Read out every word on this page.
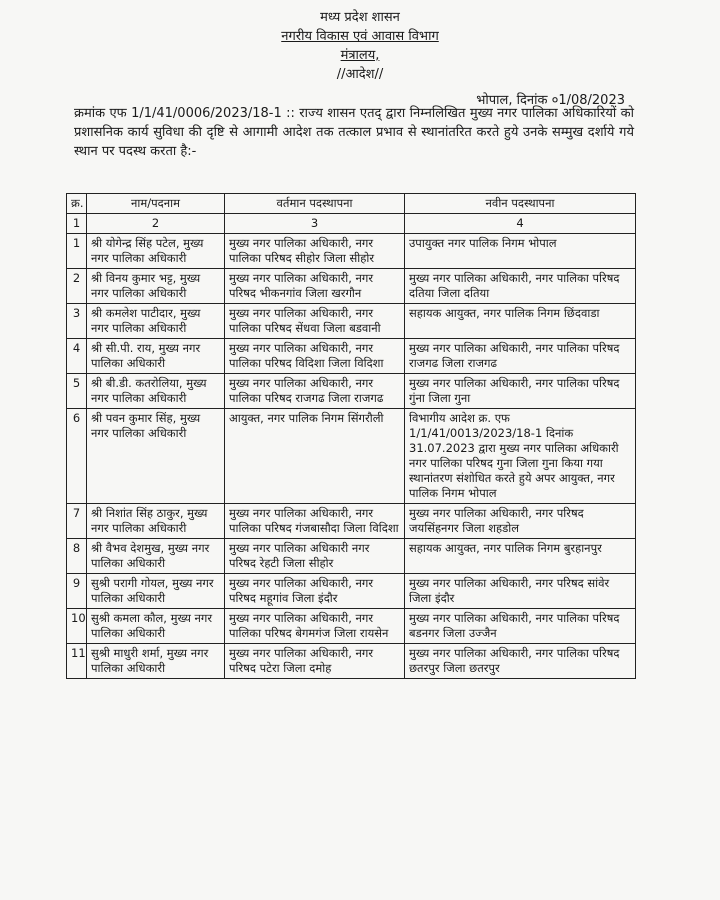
मध्य प्रदेश शासन
नगरीय विकास एवं आवास विभाग
मंत्रालय,
//आदेश//
भोपाल, दिनांक ०1/08/2023
क्रमांक एफ 1/1/41/0006/2023/18-1 :: राज्य शासन एतद् द्वारा निम्नलिखित मुख्य नगर पालिका अधिकारियों को प्रशासनिक कार्य सुविधा की दृष्टि से आगामी आदेश तक तत्काल प्रभाव से स्थानांतरित करते हुये उनके सम्मुख दर्शाये गये स्थान पर पदस्थ करता है:-
क्र.	नाम/पदनाम	वर्तमान पदस्थापना	नवीन पदस्थापना
1	2	3	4
1	श्री योगेन्द्र सिंह पटेल, मुख्य नगर पालिका अधिकारी	मुख्य नगर पालिका अधिकारी, नगर पालिका परिषद सीहोर जिला सीहोर	उपायुक्त नगर पालिक निगम भोपाल
2	श्री विनय कुमार भट्ट, मुख्य नगर पालिका अधिकारी	मुख्य नगर पालिका अधिकारी, नगर परिषद भीकनगांव जिला खरगौन	मुख्य नगर पालिका अधिकारी, नगर पालिका परिषद दतिया जिला दतिया
3	श्री कमलेश पाटीदार, मुख्य नगर पालिका अधिकारी	मुख्य नगर पालिका अधिकारी, नगर पालिका परिषद सेंधवा जिला बडवानी	सहायक आयुक्त, नगर पालिक निगम छिंदवाडा
4	श्री सी.पी. राय, मुख्य नगर पालिका अधिकारी	मुख्य नगर पालिका अधिकारी, नगर पालिका परिषद विदिशा जिला विदिशा	मुख्य नगर पालिका अधिकारी, नगर पालिका परिषद राजगढ जिला राजगढ
5	श्री बी.डी. कतरोलिया, मुख्य नगर पालिका अधिकारी	मुख्य नगर पालिका अधिकारी, नगर पालिका परिषद राजगढ जिला राजगढ	मुख्य नगर पालिका अधिकारी, नगर पालिका परिषद गुंना जिला गुना
6	श्री पवन कुमार सिंह, मुख्य नगर पालिका अधिकारी	आयुक्त, नगर पालिक निगम सिंगरौली	विभागीय आदेश क्र. एफ 1/1/41/0013/2023/18-1 दिनांक 31.07.2023 द्वारा मुख्य नगर पालिका अधिकारी नगर पालिका परिषद गुना जिला गुना किया गया स्थानांतरण संशोधित करते हुये अपर आयुक्त, नगर पालिक निगम भोपाल
7	श्री निशांत सिंह ठाकुर, मुख्य नगर पालिका अधिकारी	मुख्य नगर पालिका अधिकारी, नगर पालिका परिषद गंजबासौदा जिला विदिशा	मुख्य नगर पालिका अधिकारी, नगर परिषद जयसिंहनगर जिला शहडोल
8	श्री वैभव देशमुख, मुख्य नगर पालिका अधिकारी	मुख्य नगर पालिका अधिकारी नगर परिषद रेहटी जिला सीहोर	सहायक आयुक्त, नगर पालिक निगम बुरहानपुर
9	सुश्री परागी गोयल, मुख्य नगर पालिका अधिकारी	मुख्य नगर पालिका अधिकारी, नगर परिषद महूगांव जिला इंदौर	मुख्य नगर पालिका अधिकारी, नगर परिषद सांवेर जिला इंदौर
10	सुश्री कमला कौल, मुख्य नगर पालिका अधिकारी	मुख्य नगर पालिका अधिकारी, नगर पालिका परिषद बेगमगंज जिला रायसेन	मुख्य नगर पालिका अधिकारी, नगर पालिका परिषद बडनगर जिला उज्जैन
11	सुश्री माधुरी शर्मा, मुख्य नगर पालिका अधिकारी	मुख्य नगर पालिका अधिकारी, नगर परिषद पटेरा जिला दमोह	मुख्य नगर पालिका अधिकारी, नगर पालिका परिषद छतरपुर जिला छतरपुर
